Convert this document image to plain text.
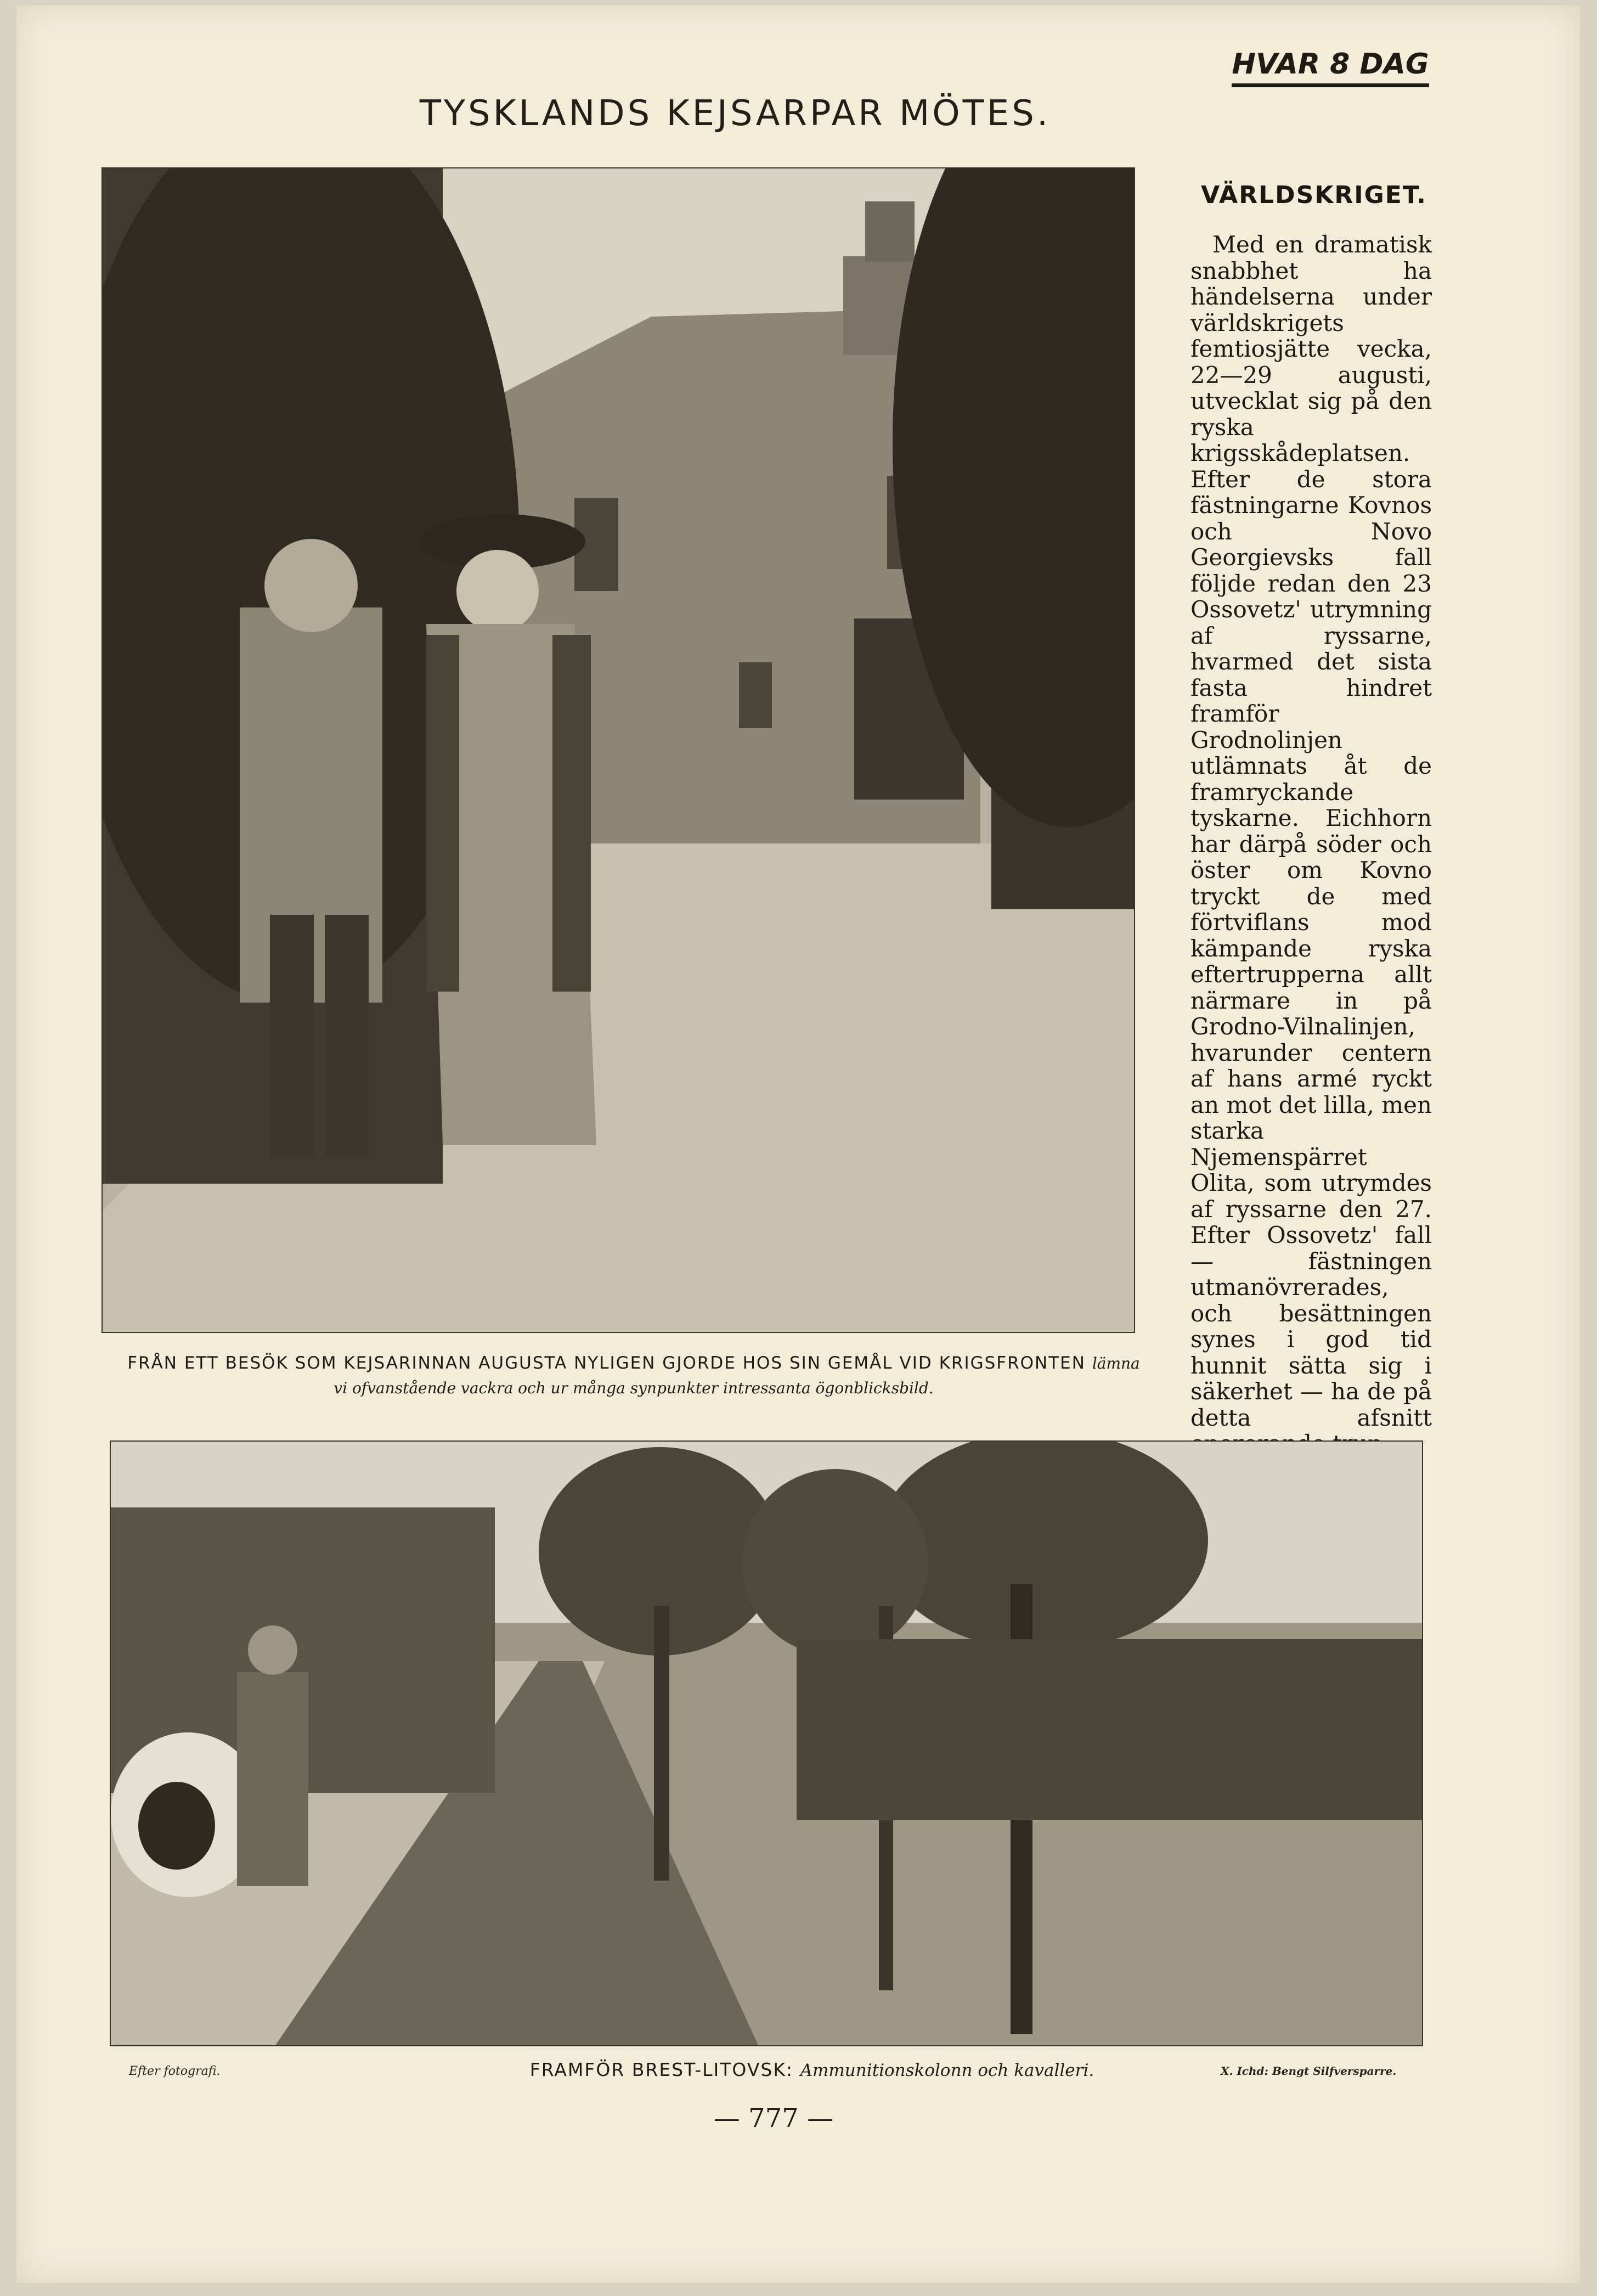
HVAR 8 DAG
TYSKLANDS KEJSARPAR MÖTES.
FRÅN ETT BESÖK SOM KEJSARINNAN AUGUSTA NYLIGEN GJORDE HOS SIN GEMÅL VID KRIGSFRONTEN lämna vi ofvanstående vackra och ur många synpunkter intressanta ögonblicksbild.
VÄRLDSKRIGET.

Med en dramatisk snabbhet ha händelserna under världskrigets femtiosjätte vecka, 22—29 augusti, utvecklat sig på den ryska krigsskådeplatsen. Efter de stora fästningarne Kovnos och Novo Georgievsks fall följde redan den 23 Ossovetz' utrymning af ryssarne, hvarmed det sista fasta hindret framför Grodnolinjen utlämnats åt de framryckande tyskarne. Eichhorn har därpå söder och öster om Kovno tryckt de med förtviflans mod kämpande ryska eftertrupperna allt närmare in på Grodno-Vilnalinjen, hvarunder centern af hans armé ryckt an mot det lilla, men starka Njemenspärret Olita, som utrymdes af ryssarne den 27. Efter Ossovetz' fall — fästningen utmanövrerades, och besättningen synes i god tid hunnit sätta sig i säkerhet — ha de på detta afsnitt

Efter fotografi.	FRAMFÖR BREST-LITOVSK: Ammunitionskolonn och kavalleri.	X. Ichd: Bengt Silfversparre.
— 777 —
